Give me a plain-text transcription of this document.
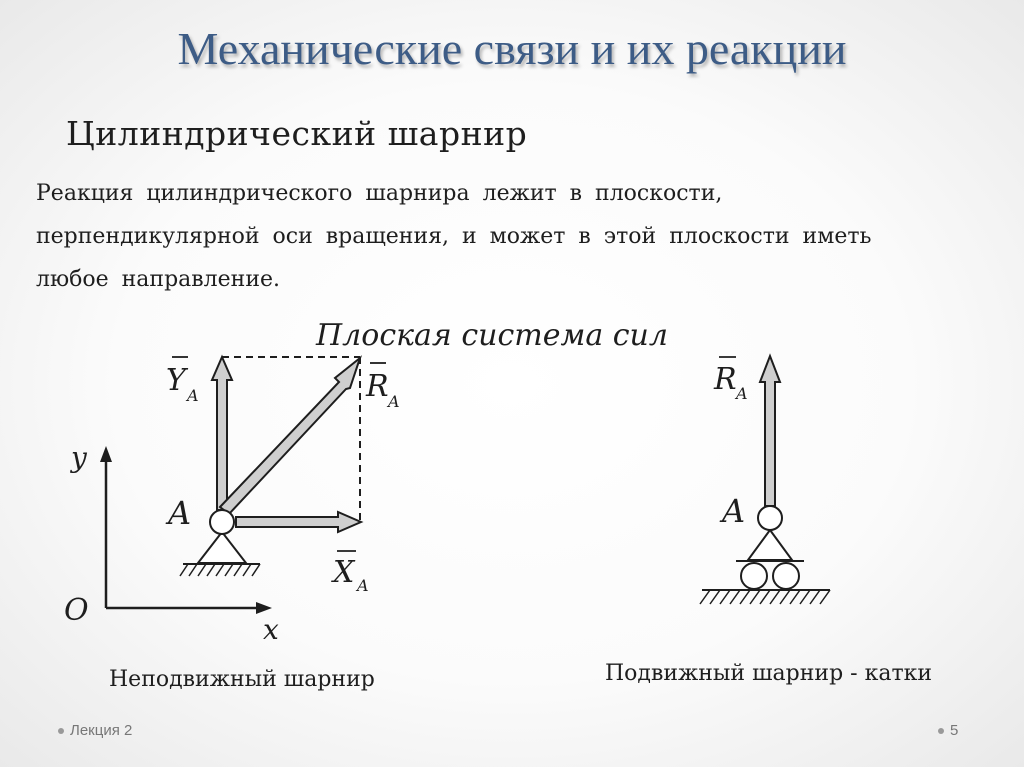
Механические связи и их реакции
Цилиндрический шарнир
Реакция цилиндрического шарнира лежит в плоскости,
перпендикулярной оси вращения, и может в этой плоскости иметь
любое направление.
Плоская система сил
y
x
O
Y A	R A
X A
A
Неподвижный шарнир
R A
A
Подвижный шарнир - катки
Лекция 2	5
